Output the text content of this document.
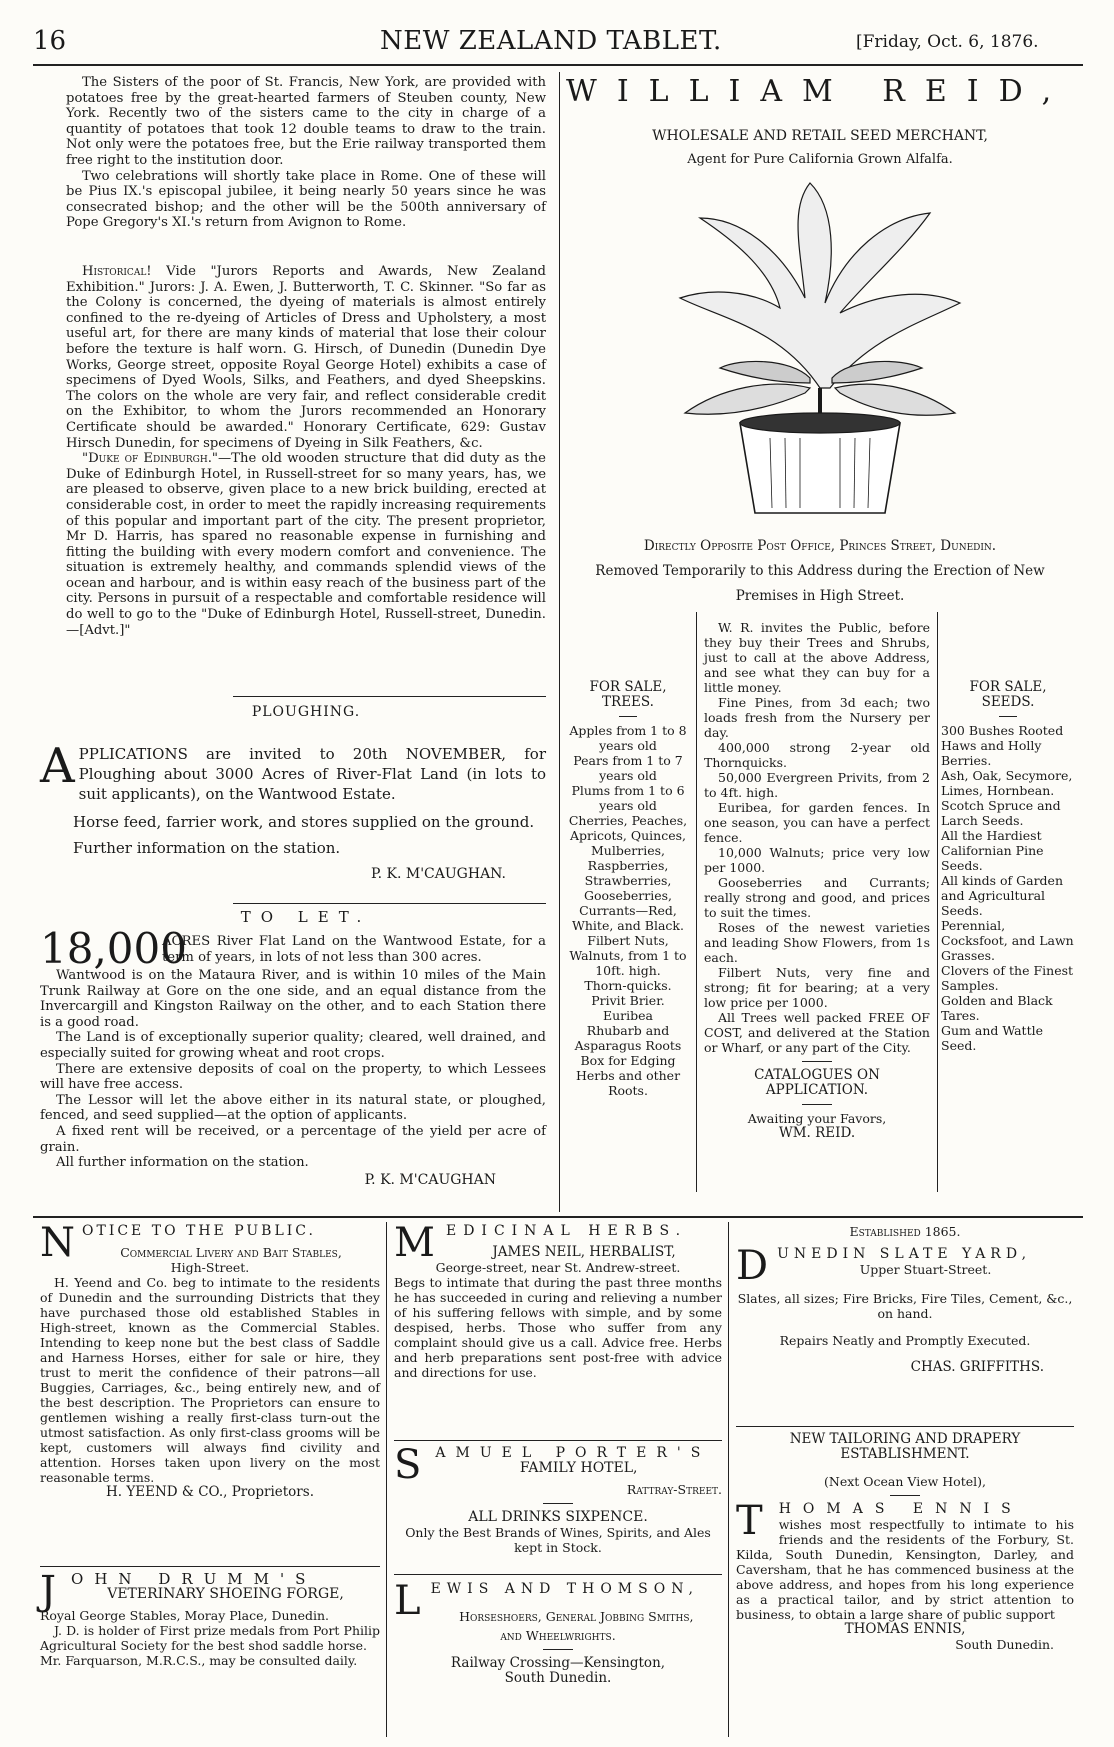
16	NEW ZEALAND TABLET.	[Friday, Oct. 6, 1876.

The Sisters of the poor of St. Francis, New York, are provided with potatoes free by the great-hearted farmers of Steuben county, New York. Recently two of the sisters came to the city in charge of a quantity of potatoes that took 12 double teams to draw to the train. Not only were the potatoes free, but the Erie railway transported them free right to the institution door.

Two celebrations will shortly take place in Rome. One of these will be Pius IX.'s episcopal jubilee, it being nearly 50 years since he was consecrated bishop; and the other will be the 500th anniversary of Pope Gregory's XI.'s return from Avignon to Rome.

Historical! Vide "Jurors Reports and Awards, New Zealand Exhibition." Jurors: J. A. Ewen, J. Butterworth, T. C. Skinner. "So far as the Colony is concerned, the dyeing of materials is almost entirely confined to the re-dyeing of Articles of Dress and Upholstery, a most useful art, for there are many kinds of material that lose their colour before the texture is half worn. G. Hirsch, of Dunedin (Dunedin Dye Works, George street, opposite Royal George Hotel) exhibits a case of specimens of Dyed Wools, Silks, and Feathers, and dyed Sheepskins. The colors on the whole are very fair, and reflect considerable credit on the Exhibitor, to whom the Jurors recommended an Honorary Certificate should be awarded." Honorary Certificate, 629: Gustav Hirsch Dunedin, for specimens of Dyeing in Silk Feathers, &c.

"Duke of Edinburgh."—The old wooden structure that did duty as the Duke of Edinburgh Hotel, in Russell-street for so many years, has, we are pleased to observe, given place to a new brick building, erected at considerable cost, in order to meet the rapidly increasing requirements of this popular and important part of the city. The present proprietor, Mr D. Harris, has spared no reasonable expense in furnishing and fitting the building with every modern comfort and convenience. The situation is extremely healthy, and commands splendid views of the ocean and harbour, and is within easy reach of the business part of the city. Persons in pursuit of a respectable and comfortable residence will do well to go to the "Duke of Edinburgh Hotel, Russell-street, Dunedin.—[Advt.]"

PLOUGHING.
A PPLICATIONS are invited to 20th NOVEMBER, for Ploughing about 3000 Acres of River-Flat Land (in lots to suit applicants), on the Wantwood Estate.
Horse feed, farrier work, and stores supplied on the ground.
Further information on the station.
P. K. M'CAUGHAN.
TO LET.
18,000
ACRES River Flat Land on the Wantwood Estate, for a term of years, in lots of not less than 300 acres.

Wantwood is on the Mataura River, and is within 10 miles of the Main Trunk Railway at Gore on the one side, and an equal distance from the Invercargill and Kingston Railway on the other, and to each Station there is a good road.

The Land is of exceptionally superior quality; cleared, well drained, and especially suited for growing wheat and root crops.

There are extensive deposits of coal on the property, to which Lessees will have free access.

The Lessor will let the above either in its natural state, or ploughed, fenced, and seed supplied—at the option of applicants.

A fixed rent will be received, or a percentage of the yield per acre of grain.

All further information on the station.

P. K. M'CAUGHAN
WILLIAM REID,
WHOLESALE AND RETAIL SEED MERCHANT,
Agent for Pure California Grown Alfalfa.
Directly Opposite Post Office, Princes Street, Dunedin.
Removed Temporarily to this Address during the Erection of New
Premises in High Street.
FOR SALE, TREES.
Apples from 1 to 8 years old
Pears from 1 to 7 years old
Plums from 1 to 6 years old
Cherries, Peaches, Apricots, Quinces, Mulberries, Raspberries, Strawberries, Gooseberries, Currants—Red, White, and Black.
Filbert Nuts, Walnuts, from 1 to 10ft. high.
Thorn-quicks.
Privit Brier.
Euribea
Rhubarb and Asparagus Roots
Box for Edging
Herbs and other Roots.
W. R. invites the Public, before they buy their Trees and Shrubs, just to call at the above Address, and see what they can buy for a little money.
Fine Pines, from 3d each; two loads fresh from the Nursery per day.
400,000 strong 2-year old Thornquicks.
50,000 Evergreen Privits, from 2 to 4ft. high.
Euribea, for garden fences. In one season, you can have a perfect fence.
10,000 Walnuts; price very low per 1000.
Gooseberries and Currants; really strong and good, and prices to suit the times.
Roses of the newest varieties and leading Show Flowers, from 1s each.
Filbert Nuts, very fine and strong; fit for bearing; at a very low price per 1000.
All Trees well packed FREE OF COST, and delivered at the Station or Wharf, or any part of the City.
CATALOGUES ON APPLICATION.
Awaiting your Favors,
WM. REID.
FOR SALE, SEEDS.
300 Bushes Rooted Haws and Holly Berries.
Ash, Oak, Secymore, Limes, Hornbean.
Scotch Spruce and Larch Seeds.
All the Hardiest Californian Pine Seeds.
All kinds of Garden and Agricultural Seeds.
Perennial, Cocksfoot, and Lawn Grasses.
Clovers of the Finest Samples.
Golden and Black Tares.
Gum and Wattle Seed.
N OTICE TO THE PUBLIC.
Commercial Livery and Bait Stables,
High-Street.
H. Yeend and Co. beg to intimate to the residents of Dunedin and the surrounding Districts that they have purchased those old established Stables in High-street, known as the Commercial Stables. Intending to keep none but the best class of Saddle and Harness Horses, either for sale or hire, they trust to merit the confidence of their patrons—all Buggies, Carriages, &c., being entirely new, and of the best description. The Proprietors can ensure to gentlemen wishing a really first-class turn-out the utmost satisfaction. As only first-class grooms will be kept, customers will always find civility and attention. Horses taken upon livery on the most reasonable terms.
H. YEEND & CO., Proprietors.
J OHN DRUMM'S
VETERINARY SHOEING FORGE,
Royal George Stables, Moray Place, Dunedin.
J. D. is holder of First prize medals from Port Philip Agricultural Society for the best shod saddle horse.
Mr. Farquarson, M.R.C.S., may be consulted daily.
M EDICINAL HERBS.
JAMES NEIL, HERBALIST,
George-street, near St. Andrew-street.
Begs to intimate that during the past three months he has succeeded in curing and relieving a number of his suffering fellows with simple, and by some despised, herbs. Those who suffer from any complaint should give us a call. Advice free. Herbs and herb preparations sent post-free with advice and directions for use.
S AMUEL PORTER'S
FAMILY HOTEL,
Rattray-Street.
ALL DRINKS SIXPENCE.
Only the Best Brands of Wines, Spirits, and Ales kept in Stock.
L EWIS AND THOMSON,
Horseshoers, General Jobbing Smiths,
and Wheelwrights.
Railway Crossing—Kensington,
South Dunedin.
Established 1865.
D UNEDIN SLATE YARD,
Upper Stuart-Street.
Slates, all sizes; Fire Bricks, Fire Tiles, Cement, &c., on hand.
Repairs Neatly and Promptly Executed.
CHAS. GRIFFITHS.
NEW TAILORING AND DRAPERY ESTABLISHMENT.
(Next Ocean View Hotel),
T HOMAS ENNIS
wishes most respectfully to intimate to his friends and the residents of the Forbury, St. Kilda, South Dunedin, Kensington, Darley, and Caversham, that he has commenced business at the above address, and hopes from his long experience as a practical tailor, and by strict attention to business, to obtain a large share of public support
THOMAS ENNIS,
South Dunedin.
